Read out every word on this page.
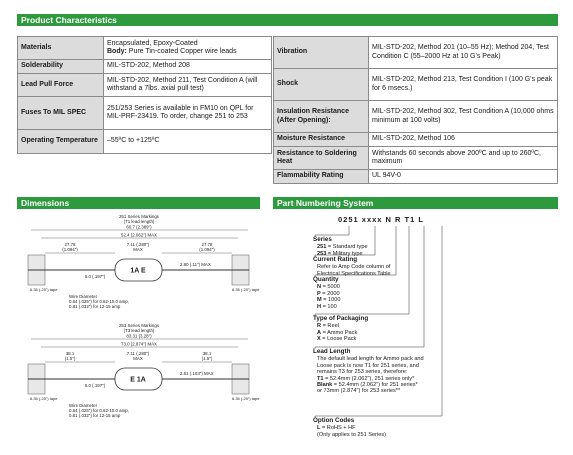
Product Characteristics
Materials	Encapsulated, Epoxy-Coated
Body: Pure Tin-coated Copper wire leads
Solderability	MIL-STD-202, Method 208
Lead Pull Force	MIL-STD-202, Method 211, Test Condition A (will withstand a 7lbs. axial pull test)
Fuses To MIL SPEC	251/253 Series is available in FM10 on QPL for MIL-PRF-23419. To order, change 251 to 253
Operating Temperature	–55ºC to +125ºC
Vibration	MIL-STD-202, Method 201 (10–55 Hz); Method 204, Test Condition C (55–2000 Hz at 10 G's Peak)
Shock	MIL-STD-202, Method 213, Test Condition I (100 G's peak for 6 msecs.)
Insulation Resistance (After Opening):	MIL-STD-202, Method 302, Test Condition A (10,000 ohms minimum at 100 volts)
Moisture Resistance	MIL-STD-202, Method 106
Resistance to Soldering Heat	Withstands 60 seconds above 200ºC and up to 260ºC, maximum
Flammability Rating	UL 94V-0
Dimensions	Part Numbering System
251 Series Markings
(T1 lead length)
60.7 (2.389")
52.4 (2.062") MAX
27.78
(1.094")
7.11 (.280")
MAX
27.78
(1.094")
1A E
6.35 (.25") tape	6.35 (.25") tape
5.0 (.197")
2.80 (.11") MAX
Wire Diameter
0.64 (.025") for 0.62-10.0 amp,
0.81 (.032") for 12-15 amp
253 Series Markings
(T3 lead length)
83.31 (3.28")
73.0 (2.874") MAX
38.1
(1.5")
7.11 (.280")
MAX
38.1
(1.5")
E 1A
6.35 (.25") tape	6.35 (.25") tape
5.0 (.197")
2.61 (.103") MAX
Wire Diameter
0.64 (.025") for 0.62-10.0 amp,
0.81 (.032") for 12-15 amp
0251 xxxx N R T1 L
Series
251 = Standard type
253 = Military type
Current Rating
Refer to Amp Code column of
Electrical Specifications Table
Quantity
N = 5000
P = 2000
M = 1000
H = 100
Type of Packaging
R = Reel
A = Ammo Pack
X = Loose Pack
Lead Length
The default lead length for Ammo pack and
Loose pack is now T1 for 251 series, and
remains T3 for 253 series, therefore:
T1 = 52.4mm (2.062"), 251 series only*
Blank = 52.4mm (2.062") for 251 series*
or 73mm (2.874") for 253 series**
Option Codes
L = RoHS + HF
(Only applies to 251 Series)
